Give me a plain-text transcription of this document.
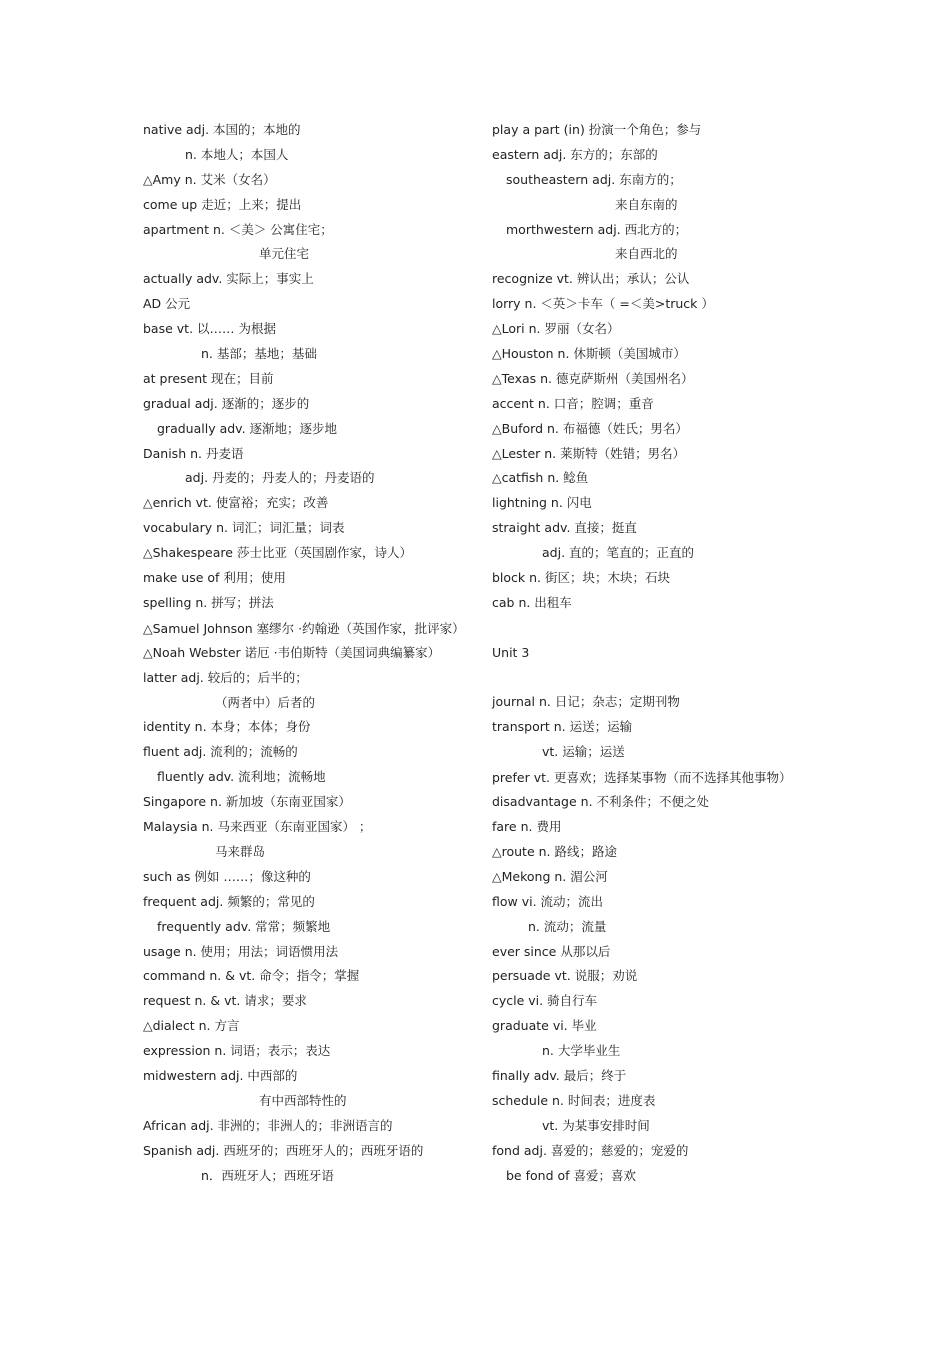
native adj. 本国的；本地的
n. 本地人；本国人
△Amy n. 艾米（女名）
come up 走近；上来；提出
apartment n. ＜美＞ 公寓住宅；
单元住宅
actually adv. 实际上；事实上
AD 公元
base vt. 以…… 为根据
n. 基部；基地；基础
at present 现在；目前
gradual adj. 逐渐的；逐步的
gradually adv. 逐渐地；逐步地
Danish n. 丹麦语
adj. 丹麦的；丹麦人的；丹麦语的
△enrich vt. 使富裕；充实；改善
vocabulary n. 词汇；词汇量；词表
△Shakespeare 莎士比亚（英国剧作家，诗人）
make use of 利用；使用
spelling n. 拼写；拼法
△Samuel Johnson 塞缪尔 ·约翰逊（英国作家，批评家）
△Noah Webster 诺厄 ·韦伯斯特（美国词典编纂家）
latter adj. 较后的；后半的；
（两者中）后者的
identity n. 本身；本体；身份
fluent adj. 流利的；流畅的
fluently adv. 流利地；流畅地
Singapore n. 新加坡（东南亚国家）
Malaysia n. 马来西亚（东南亚国家） ；
马来群岛
such as 例如 ……；像这种的
frequent adj. 频繁的；常见的
frequently adv. 常常；频繁地
usage n. 使用；用法；词语惯用法
command n. & vt. 命令；指令；掌握
request n. & vt. 请求；要求
△dialect n. 方言
expression n. 词语；表示；表达
midwestern adj. 中西部的
有中西部特性的
African adj. 非洲的；非洲人的；非洲语言的
Spanish adj. 西班牙的；西班牙人的；西班牙语的
n．西班牙人；西班牙语
play a part (in) 扮演一个角色；参与
eastern adj. 东方的；东部的
southeastern adj. 东南方的；
来自东南的
morthwestern adj. 西北方的；
来自西北的
recognize vt. 辨认出；承认；公认
lorry n. ＜英＞卡车（ =＜美>truck ）
△Lori n. 罗丽（女名）
△Houston n. 休斯顿（美国城市）
△Texas n. 德克萨斯州（美国州名）
accent n. 口音；腔调；重音
△Buford n. 布福德（姓氏；男名）
△Lester n. 莱斯特（姓错；男名）
△catfish n. 鲶鱼
lightning n. 闪电
straight adv. 直接；挺直
adj. 直的；笔直的；正直的
block n. 街区；块；木块；石块
cab n. 出租车
Unit 3
journal n. 日记；杂志；定期刊物
transport n. 运送；运输
vt. 运输；运送
prefer vt. 更喜欢；选择某事物（而不选择其他事物）
disadvantage n. 不利条件；不便之处
fare n. 费用
△route n. 路线；路途
△Mekong n. 湄公河
flow vi. 流动；流出
n. 流动；流量
ever since 从那以后
persuade vt. 说服；劝说
cycle vi. 骑自行车
graduate vi. 毕业
n. 大学毕业生
finally adv. 最后；终于
schedule n. 时间表；进度表
vt. 为某事安排时间
fond adj. 喜爱的；慈爱的；宠爱的
be fond of 喜爱；喜欢
